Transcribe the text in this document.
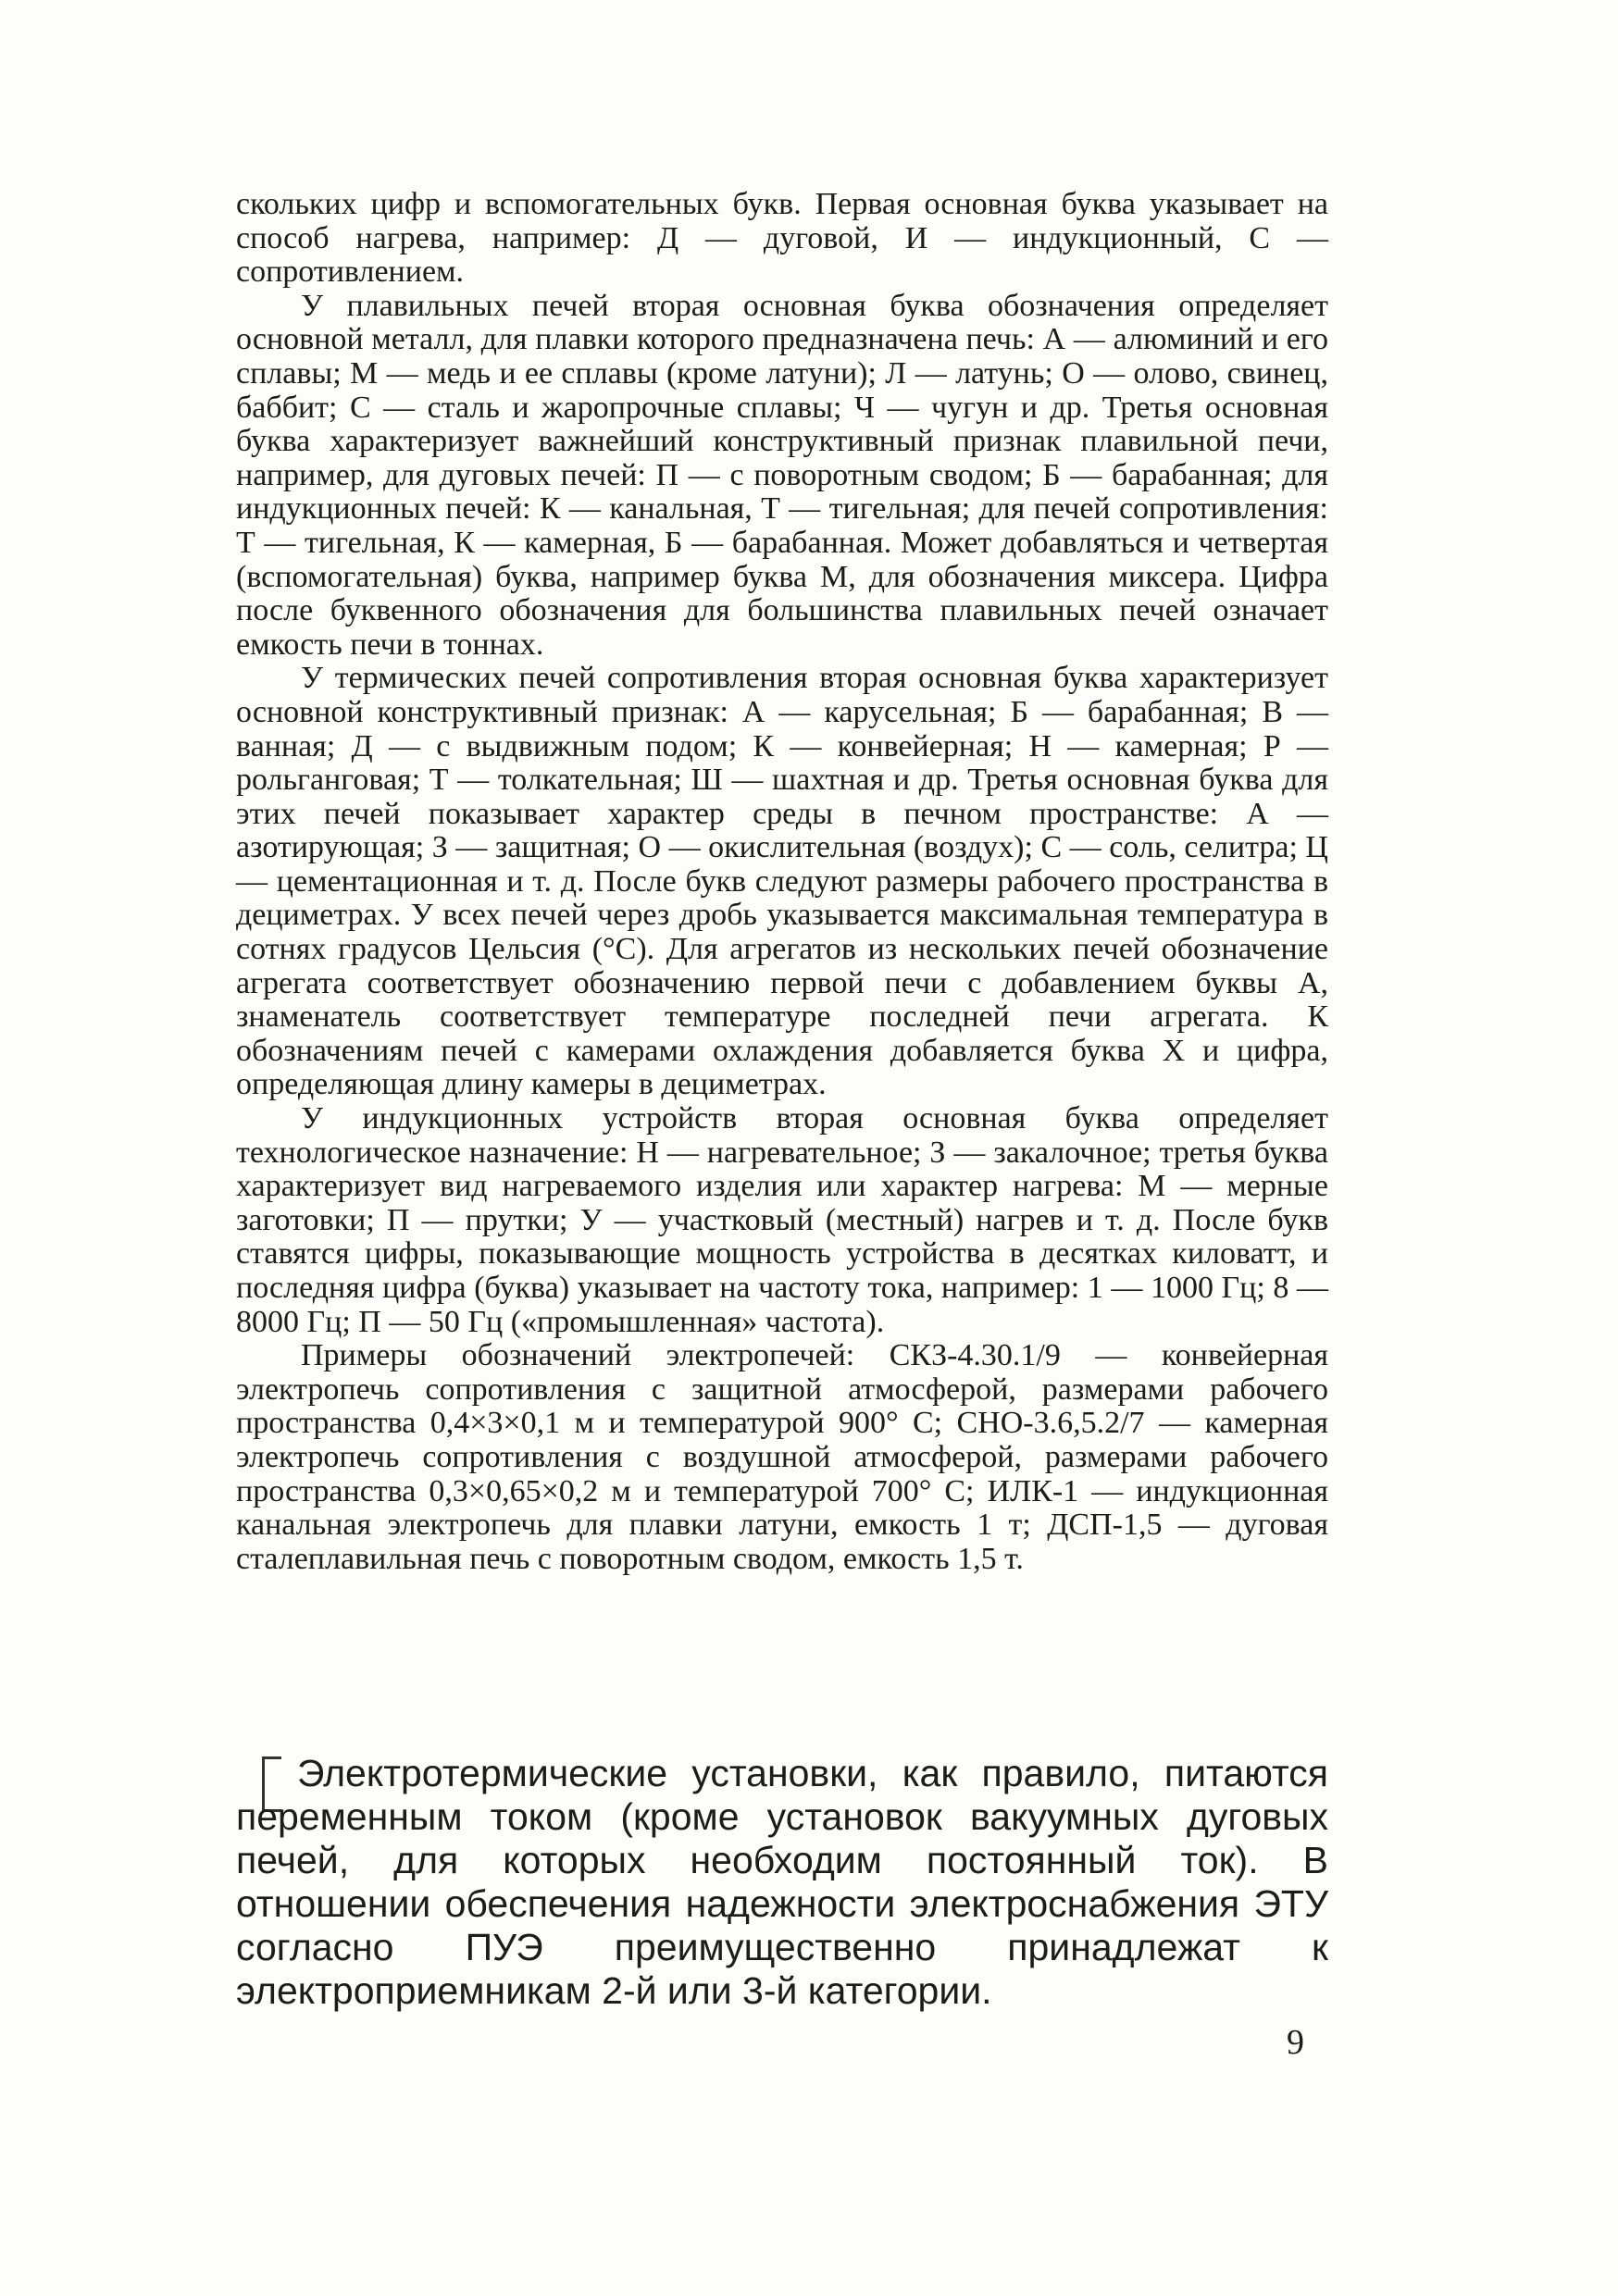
скольких цифр и вспомогательных букв. Первая основная буква указывает на способ нагрева, например: Д — дуговой, И — индукционный, С — сопротивлением.

У плавильных печей вторая основная буква обозначения определяет основной металл, для плавки которого предназначена печь: А — алюминий и его сплавы; М — медь и ее сплавы (кроме латуни); Л — латунь; О — олово, свинец, баббит; С — сталь и жаропрочные сплавы; Ч — чугун и др. Третья основная буква характеризует важнейший конструктивный признак плавильной печи, например, для дуговых печей: П — с поворотным сводом; Б — барабанная; для индукционных печей: К — канальная, Т — тигельная; для печей сопротивления: Т — тигельная, К — камерная, Б — барабанная. Может добавляться и четвертая (вспомогательная) буква, например буква М, для обозначения миксера. Цифра после буквенного обозначения для большинства плавильных печей означает емкость печи в тоннах.

У термических печей сопротивления вторая основная буква характеризует основной конструктивный признак: А — карусельная; Б — барабанная; В — ванная; Д — с выдвижным подом; К — конвейерная; Н — камерная; Р — рольганговая; Т — толкательная; Ш — шахтная и др. Третья основная буква для этих печей показывает характер среды в печном пространстве: А — азотирующая; З — защитная; О — окислительная (воздух); С — соль, селитра; Ц — цементационная и т. д. После букв следуют размеры рабочего пространства в дециметрах. У всех печей через дробь указывается максимальная температура в сотнях градусов Цельсия (°С). Для агрегатов из нескольких печей обозначение агрегата соответствует обозначению первой печи с добавлением буквы А, знаменатель соответствует температуре последней печи агрегата. К обозначениям печей с камерами охлаждения добавляется буква Х и цифра, определяющая длину камеры в дециметрах.

У индукционных устройств вторая основная буква определяет технологическое назначение: Н — нагревательное; З — закалочное; третья буква характеризует вид нагреваемого изделия или характер нагрева: М — мерные заготовки; П — прутки; У — участковый (местный) нагрев и т. д. После букв ставятся цифры, показывающие мощность устройства в десятках киловатт, и последняя цифра (буква) указывает на частоту тока, например: 1 — 1000 Гц; 8 — 8000 Гц; П — 50 Гц («промышленная» частота).

Примеры обозначений электропечей: СКЗ-4.30.1/9 — конвейерная электропечь сопротивления с защитной атмосферой, размерами рабочего пространства 0,4×3×0,1 м и температурой 900° С; СНО-3.6,5.2/7 — камерная электропечь сопротивления с воздушной атмосферой, размерами рабочего пространства 0,3×0,65×0,2 м и температурой 700° С; ИЛК-1 — индукционная канальная электропечь для плавки латуни, емкость 1 т; ДСП-1,5 — дуговая сталеплавильная печь с поворотным сводом, емкость 1,5 т.

Электротермические установки, как правило, питаются переменным током (кроме установок вакуумных дуговых печей, для которых необходим постоянный ток). В отношении обеспечения надежности электроснабжения ЭТУ согласно ПУЭ преимущественно принадлежат к электроприемникам 2-й или 3-й категории.

9
